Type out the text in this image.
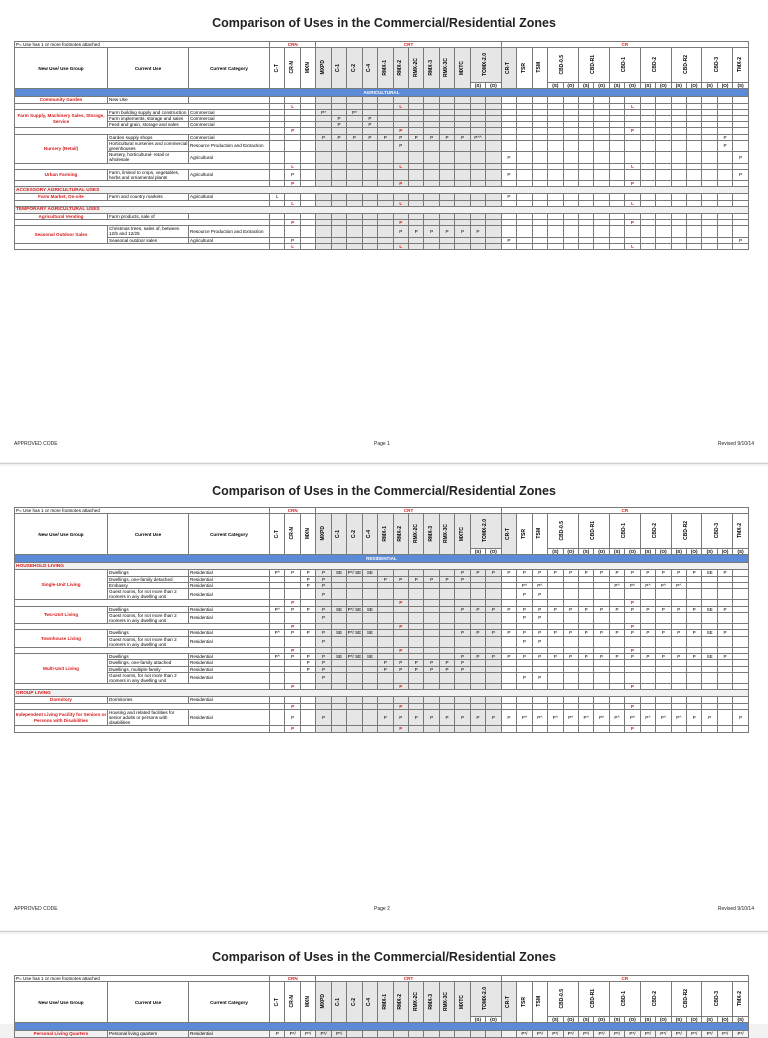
Comparison of Uses in the Commercial/Residential Zones
P= Use has 1 or more footnotes attached			CRN			CRT												CR																
New Use/ Use Group	Current Use	Current Category	C-T	CR-N	MXN	MXPD	C-1	C-2	C-4	RMX-1	RMX-2	RMX-2C	RMX-3	RMX-3C	MXTC	TOMX-2.0		CR-T	TSR	TSM	CBD-0.5		CBD-R1		CBD-1		CBD-2		CBD-R2		CBD-3		TMX-2			
																(S)	(O)				(S)	(O)	(S)	(O)	(S)	(O)	(S)	(O)	(S)	(O)	(S)	(O)	(S)	
AGRICULTURAL																																		
Community Garden	New Use																																	
				L							L															L								
Farm Supply, Machinery Sales, Storage, Service	Farm building supply and construction	Commercial				P*		P*																										
	Farm implements, storage and sales	Commercial					P		P																									
	Feed and grain, storage and sales	Commercial					P		P																									
				P							P															P								
Nursery (Retail)	Garden supply shops	Commercial				P	P	P	P	P	P	P	P	P	P	P^^																P		
	Horticultural nurseries and commercial greenhouses	Resource Production and Extraction									P																					P		
	Nursery, horticultural- retail or wholesale	Agricultural																P															P	
				L							L															L								
Urban Farming	Farm, limited to crops, vegetables, herbs and ornamental plants	Agricultural		P														P															P	
				P							P															P								
ACCESSORY AGRICULTURAL USES																																		
Farm Market, On-site	Farm and country markets	Agricultural	L															P																
				L							L															L								
TEMPORARY AGRICULTURAL USES																																		
Agricultural Vending	Farm products, sale of																																	
				P							P															P								
Seasonal Outdoor Sales	Christmas trees, sales of, between 12/5 and 12/25	Resource Production and Extraction									P	P	P	P	P	P																		
	Seasonal outdoor sales	Agricultural		P														P															P	
				L							L															L								
APPROVED CODE	Page 1	Revised 9/10/14
Comparison of Uses in the Commercial/Residential Zones
P= Use has 1 or more footnotes attached			CRN			CRT												CR																
New Use/ Use Group	Current Use	Current Category	C-T	CR-N	MXN	MXPD	C-1	C-2	C-4	RMX-1	RMX-2	RMX-2C	RMX-3	RMX-3C	MXTC	TOMX-2.0		CR-T	TSR	TSM	CBD-0.5		CBD-R1		CBD-1		CBD-2		CBD-R2		CBD-3		TMX-2			
																(S)	(O)				(S)	(O)	(S)	(O)	(S)	(O)	(S)	(O)	(S)	(O)	(S)	(O)	(S)	
RESIDENTIAL																																		
HOUSEHOLD LIVING																																		
Single-Unit Living	Dwellings	Residential	P^	P	P	P	SE	P*/ SE	SE						P	P	P	P	P	P	P	P	P	P	P	P	P	P	P	P	SE	P		
	Dwellings, one-family detached	Residential			P	P				P	P	P	P	P	P																			
	Embassy	Residential			P	P													P^	P^					P^	P^	P^	P^	P^					
	Guest rooms, for not more than 2 roomers in any dwelling unit	Residential				P													P	P														
				P							P															P								
Two-Unit Living	Dwellings	Residential	P^	P	P	P	SE	P*/ SE	SE						P	P	P	P	P	P	P	P	P	P	P	P	P	P	P	P	SE	P		
	Guest rooms, for not more than 2 roomers in any dwelling unit	Residential				P													P	P														
				P							P															P								
Townhouse Living	Dwellings	Residential	P^	P	P	P	SE	P*/ SE	SE						P	P	P	P	P	P	P	P	P	P	P	P	P	P	P	P	SE	P		
	Guest rooms, for not more than 2 roomers in any dwelling unit	Residential				P													P	P														
				P							P															P								
Multi-Unit Living	Dwellings	Residential	P^	P	P	P	SE	P*/ SE	SE						P	P	P	P	P	P	P	P	P	P	P	P	P	P	P	P	SE	P		
	Dwellings, one-family attached	Residential			P	P				P	P	P	P	P	P																			
	Dwellings, multiple-family	Residential			P	P				P	P	P	P	P	P																			
	Guest rooms, for not more than 2 roomers in any dwelling unit	Residential				P													P	P														
				P							P															P								
GROUP LIVING																																		
Dormitory	Dormitories	Residential																																
				P							P															P								
Independent Living Facility for Seniors or Persons with Disabilities	Housing and related facilities for senior adults or persons with disabilities	Residential		P		P				P	P	P	P	P	P	P	P	P	P^	P^	P^	P^	P^	P^	P^	P^	P^	P^	P^	P	P		P	
				P							P															P								
APPROVED CODE	Page 2	Revised 9/10/14
Comparison of Uses in the Commercial/Residential Zones
P= Use has 1 or more footnotes attached			CRN			CRT												CR																
New Use/ Use Group	Current Use	Current Category	C-T	CR-N	MXN	MXPD	C-1	C-2	C-4	RMX-1	RMX-2	RMX-2C	RMX-3	RMX-3C	MXTC	TOMX-2.0		CR-T	TSR	TSM	CBD-0.5		CBD-R1		CBD-1		CBD-2		CBD-R2		CBD-3		TMX-2			
																(S)	(O)				(S)	(O)	(S)	(O)	(S)	(O)	(S)	(O)	(S)	(O)	(S)	(O)	(S)	

Personal Living Quarters	Personal living quarters	Residential	P	P*/	P*/	P*/	P*/												P*/	P*/	P*/	P*/	P*/	P*/	P*/	P*/	P*/	P*/	P*/	P*/	P*/	P*/	P*/	
